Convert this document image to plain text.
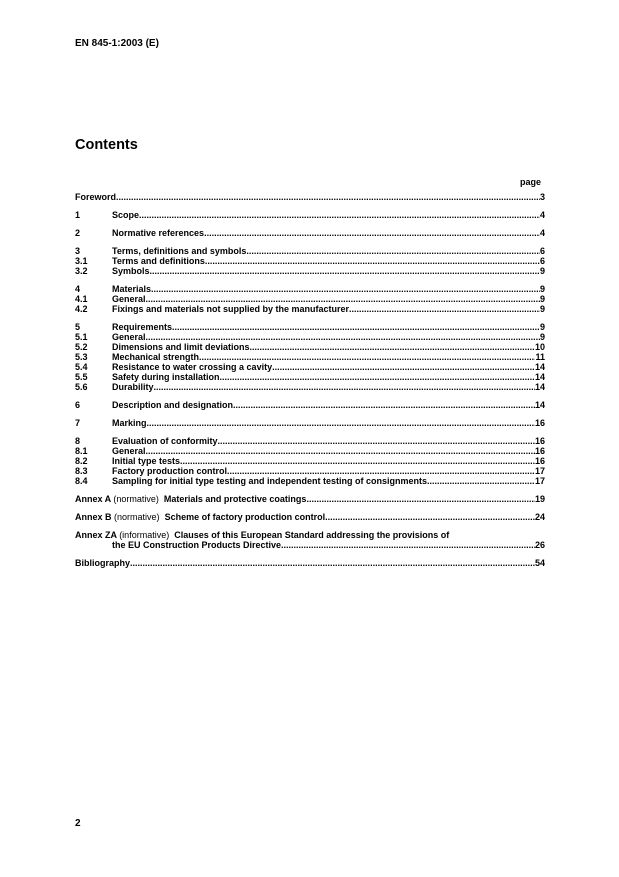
EN 845-1:2003 (E)
Contents
page
Foreword .....	3
1	Scope .....	4
2	Normative references .....	4
3	Terms, definitions and symbols .....	6
3.1	Terms and definitions .....	6
3.2	Symbols .....	9
4	Materials .....	9
4.1	General .....	9
4.2	Fixings and materials not supplied by the manufacturer .....	9
5	Requirements .....	9
5.1	General .....	9
5.2	Dimensions and limit deviations .....	10
5.3	Mechanical strength .....	11
5.4	Resistance to water crossing a cavity .....	14
5.5	Safety during installation .....	14
5.6	Durability .....	14
6	Description and designation .....	14
7	Marking .....	16
8	Evaluation of conformity .....	16
8.1	General .....	16
8.2	Initial type tests .....	16
8.3	Factory production control .....	17
8.4	Sampling for initial type testing and independent testing of consignments .....	17
Annex A (normative) Materials and protective coatings .....	19
Annex B (normative) Scheme of factory production control .....	24
Annex ZA (informative) Clauses of this European Standard addressing the provisions of
the EU Construction Products Directive .....	26
Bibliography .....	54
2
